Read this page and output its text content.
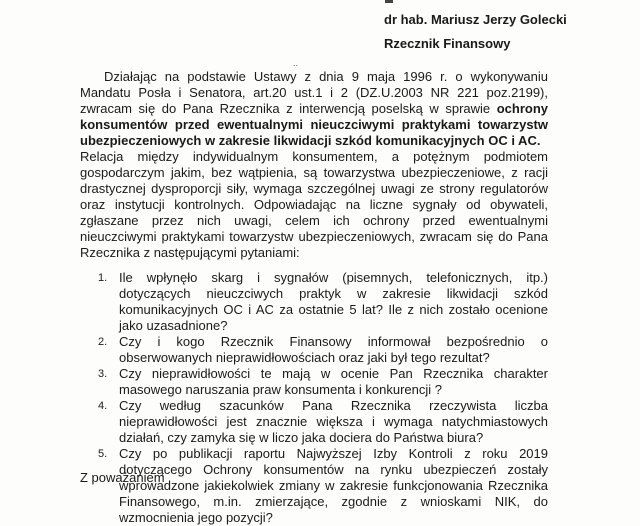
dr hab. Mariusz Jerzy Golecki
Rzecznik Finansowy
..

Działając na podstawie Ustawy z dnia 9 maja 1996 r. o wykonywaniu Mandatu Posła i Senatora, art.20 ust.1 i 2 (DZ.U.2003 NR 221 poz.2199), zwracam się do Pana Rzecznika z interwencją poselską w sprawie ochrony konsumentów przed ewentualnymi nieuczciwymi praktykami towarzystw ubezpieczeniowych w zakresie likwidacji szkód komunikacyjnych OC i AC.

Relacja między indywidualnym konsumentem, a potężnym podmiotem gospodarczym jakim, bez wątpienia, są towarzystwa ubezpieczeniowe, z racji drastycznej dysproporcji siły, wymaga szczególnej uwagi ze strony regulatorów oraz instytucji kontrolnych. Odpowiadając na liczne sygnały od obywateli, zgłaszane przez nich uwagi, celem ich ochrony przed ewentualnymi nieuczciwymi praktykami towarzystw ubezpieczeniowych, zwracam się do Pana Rzecznika z następującymi pytaniami:

1. Ile wpłynęło skarg i sygnałów (pisemnych, telefonicznych, itp.) dotyczących nieuczciwych praktyk w zakresie likwidacji szkód komunikacyjnych OC i AC za ostatnie 5 lat? Ile z nich zostało ocenione jako uzasadnione?
2. Czy i kogo Rzecznik Finansowy informował bezpośrednio o obserwowanych nieprawidłowościach oraz jaki był tego rezultat?
3. Czy nieprawidłowości te mają w ocenie Pan Rzecznika charakter masowego naruszania praw konsumenta i konkurencji ?
4. Czy według szacunków Pana Rzecznika rzeczywista liczba nieprawidłowości jest znacznie większa i wymaga natychmiastowych działań, czy zamyka się w liczo jaka dociera do Państwa biura?
5. Czy po publikacji raportu Najwyższej Izby Kontroli z roku 2019 dotyczącego Ochrony konsumentów na rynku ubezpieczeń zostały wprowadzone jakiekolwiek zmiany w zakresie funkcjonowania Rzecznika Finansowego, m.in. zmierzające, zgodnie z wnioskami NIK, do wzmocnienia jego pozycji?
Z poważaniem
